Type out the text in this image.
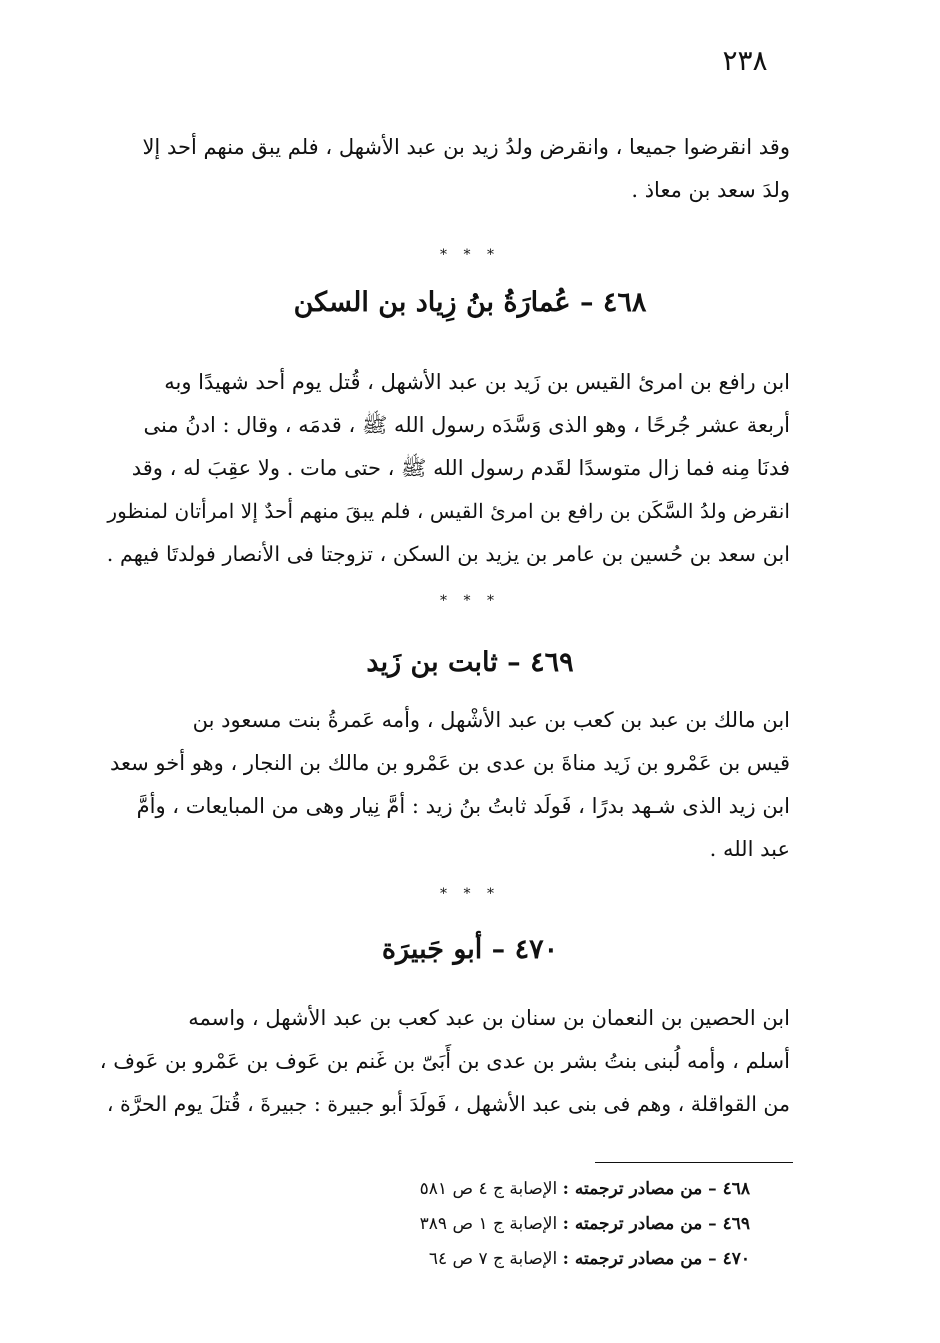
٢٣٨
وقد انقرضوا جميعا ، وانقرض ولدُ زيد بن عبد الأشهل ، فلم يبق منهم أحد إلا
ولدَ سعد بن معاذ .
* * *
٤٦٨ – عُمارَةُ بنُ زِياد بن السكن
ابن رافع بن امرئ القيس بن زَيد بن عبد الأشهل ، قُتل يوم أحد شهيدًا وبه
أربعة عشر جُرحًا ، وهو الذى وَسَّدَه رسول الله ﷺ ، قدمَه ، وقال : ادنُ منى
فدنَا مِنه فما زال متوسدًا لقَدم رسول الله ﷺ ، حتى مات . ولا عقِبَ له ، وقد
انقرض ولدُ السَّكَن بن رافع بن امرئ القيس ، فلم يبقَ منهم أحدٌ إلا امرأتان لمنظور
ابن سعد بن حُسين بن عامر بن يزيد بن السكن ، تزوجتا فى الأنصار فولدتَا فيهم .
* * *
٤٦٩ – ثابت بن زَيد
ابن مالك بن عبد بن كعب بن عبد الأشْهل ، وأمه عَمرةُ بنت مسعود بن
قيس بن عَمْرو بن زَيد مناةَ بن عدى بن عَمْرو بن مالك بن النجار ، وهو أخو سعد
ابن زيد الذى شـهد بدرًا ، فَولَد ثابتُ بنُ زيد : أمَّ نِيار وهى من المبايعات ، وأمَّ
عبد الله .
* * *
٤٧٠ – أبو جَبيرَة
ابن الحصين بن النعمان بن سنان بن عبد كعب بن عبد الأشهل ، واسمه
أسلم ، وأمه لُبنى بنتُ بشر بن عدى بن أَبَىّ بن غَنم بن عَوف بن عَمْرو بن عَوف ،
من القواقلة ، وهم فى بنى عبد الأشهل ، فَولَدَ أبو جبيرة : جبيرةَ ، قُتلَ يوم الحرَّة ،
٤٦٨ – من مصادر ترجمته : الإصابة ج ٤ ص ٥٨١
٤٦٩ – من مصادر ترجمته : الإصابة ج ١ ص ٣٨٩
٤٧٠ – من مصادر ترجمته : الإصابة ج ٧ ص ٦٤
